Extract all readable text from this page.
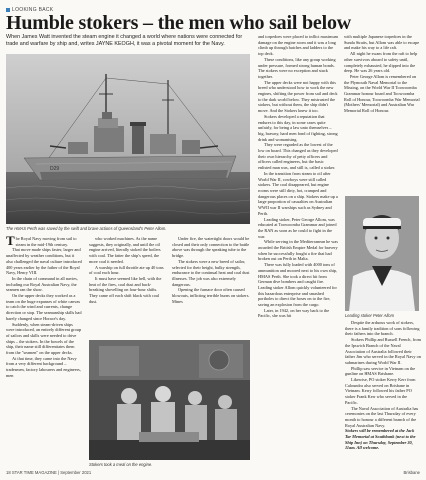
LOOKING BACK
Humble stokers – the men who sail below

When James Watt invented the steam engine it changed a world where nations were connected for trade and warfare by ship and, writes JAYNE KEOGH, it was a pivotal moment for the Navy.

D29

The HMAS Perth was saved by the swift and brave actions of Queensland's Peter Allom.

The Royal Navy moving from sail to steam in the mid-19th century.

That move made ships faster, larger and unaffected by weather conditions, but it also challenged the naval culture introduced 400 years earlier by the father of the Royal Navy, Henry VIII.

In the chain of command in all navies, including our Royal Australian Navy, the seamen ran the show.

On the upper decks they worked as a team on the huge expanses of white canvas to catch the wind and currents, change direction or stop. The seamanship skills had barely changed since Horace's day.

Suddenly, when steam-driven ships were introduced, an entirely different group of sailors and skills were needed to drive ships – the stokers. In the bowels of the ship, their name still differentiates them from the "seamen" on the upper decks.

At that time, they came into the Navy from a very different background – tradesmen, factory labourers and engineers, men

who worked machines. As the name suggests, they originally, and until the oil engine arrived, literally stoked the boilers with coal. The fatter the ship's speed, the more coal it needed.

A warship on full throttle ate up 40 tons of coal each hour.

It must have seemed like hell, with the heat of the fires, coal dust and back-breaking shovelling on four-hour shifts. They came off each shift black with coal dust.

Under fire, the watertight doors would be closed and their only connection to the battle above was through the speaking tube to the bridge.

The stokers were a new breed of sailor, selected for their height, bulky strength, endurance to the continual heat and coal dust illnesses. The job was also extremely dangerous.

Opening the furnace door often caused blowouts, inflicting terrible burns on stokers. Mines

Stokers took a meal on the engine.

and torpedoes were placed to inflict maximum damage on the engine room and it was a long climb up through hatches and ladders to the top deck.

These conditions, like any group working under pressure, formed strong human bonds. The stokers were no exception and stuck together.

The upper decks were not happy with this breed who understood how to work the new engines, shifting the power from sail and deck to the dark world below. They mistrusted the stokers, but without them, the ship didn't move. And the Stokers knew it too.

Stokers developed a reputation that endures to this day, in some cases quite unfairly, for being a law unto themselves – big, brawny, hard men fond of fighting, strong drink and womanising.

They were regarded as the lowest of the low on board. This changed as they developed their own hierarchy of petty officers and officers called engineers, but the basic enlisted man was, and still is, called a stoker.

In the transition from steam to oil after World War II, cowboys were still called stokers. The coal disappeared, but engine rooms were still dirty, hot, cramped and dangerous places on a ship. Stokers make up a large proportion of casualties on Australian WWII war II warships such as Sydney and Perth.

Leading stoker, Peter George Allom, was educated at Toowoomba Grammar and joined the RAN as soon as he could to fight in the war.

While serving in the Mediterranean he was awarded the British Empire Medal for bravery when he successfully fought a fire that had broken out on Perth in Malta.

There was fully loaded with 4000 tons of ammunition and moored next to his own ship, HMAS Perth. She took a direct hit from German dive bombers and caught fire. Leading stoker Allom quickly volunteered for this hazardous enterprise and smashed portholes to direct the hoses on to the fire, saving an explosion from the cargo.

Later, in 1942, on her way back to the Pacific, she was hit

with multiple Japanese torpedoes in the Sunda Straits, but Allom was able to escape and make his way to a life raft.

All night he swam from the raft to help other survivors aboard to safety until, completely exhausted, he slipped into the deep. He was 26 years old.

Peter George Allom is remembered on the Plymouth Naval Memorial to the Missing, on the World War II Toowoomba Grammar honour board and Toowoomba Roll of Honour, Toowoomba War Memorial (Mothers' Memorial) and Australian War Memorial Roll of Honour.

Leading stoker Peter Allom

Despite the arduous work of stokers, there is a family tradition of sons following their fathers into the branch.

Stokers Phillip and Russell French, from the Ipswich Branch of the Naval Association of Australia followed their father Jim who served in the Royal Navy on submarines during World War II.

Phillip saw service in Vietnam on the gunline on HMAS Brisbane.

Likewise, PO stoker Kerry Kerr from Caloundra also served on Brisbane in Vietnam. Kerry followed his father PO stoker Frank Kerr who served in the Pacific.

The Naval Association of Australia has ceremonies on the last Thursday of every month to honour a different branch of the Royal Australian Navy.

Stokers will be remembered at the Jack Tar Memorial at Southbank (next to the Ship Inn) on Thursday, September 30, 11am. All welcome.

18 STAR TIME MAGAZINE | September 2021	Brisbane
